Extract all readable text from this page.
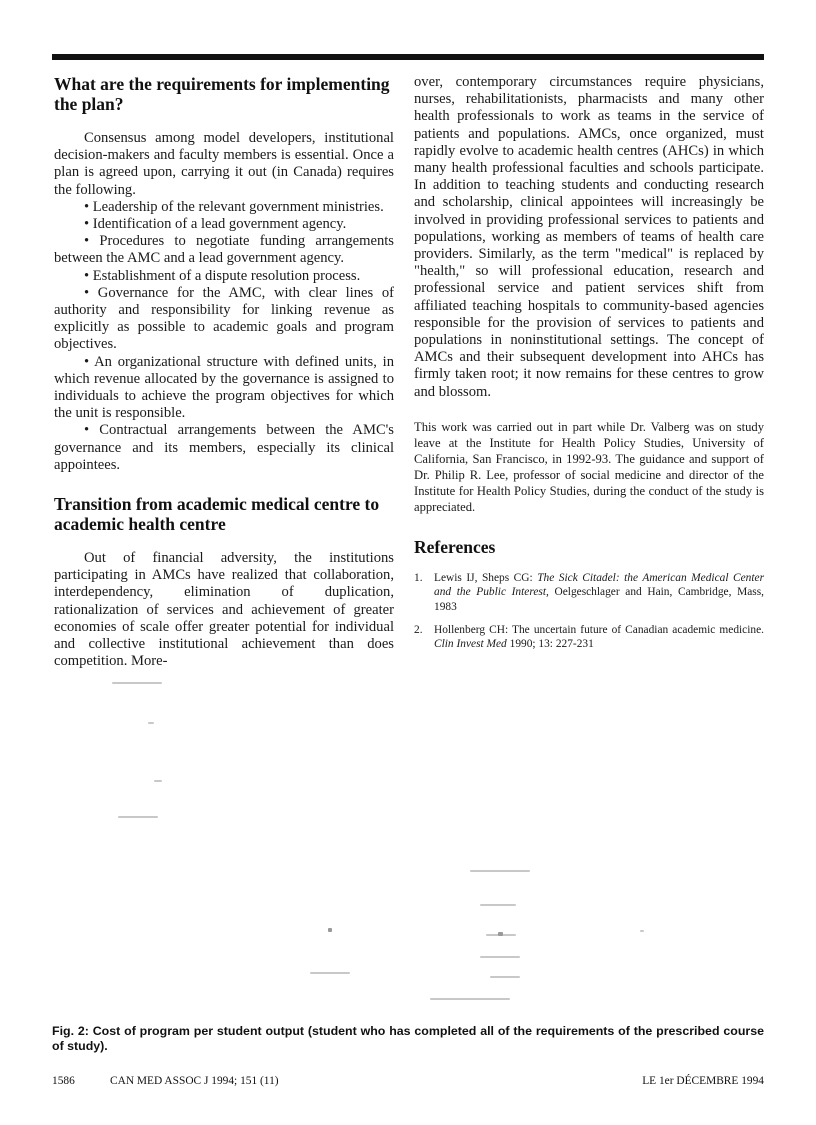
What are the requirements for implementing the plan?

Consensus among model developers, institutional decision-makers and faculty members is essential. Once a plan is agreed upon, carrying it out (in Canada) requires the following.

• Leadership of the relevant government ministries.

• Identification of a lead government agency.

• Procedures to negotiate funding arrangements between the AMC and a lead government agency.

• Establishment of a dispute resolution process.

• Governance for the AMC, with clear lines of authority and responsibility for linking revenue as explicitly as possible to academic goals and program objectives.

• An organizational structure with defined units, in which revenue allocated by the governance is assigned to individuals to achieve the program objectives for which the unit is responsible.

• Contractual arrangements between the AMC's governance and its members, especially its clinical appointees.

Transition from academic medical centre to academic health centre

Out of financial adversity, the institutions participating in AMCs have realized that collaboration, interdependency, elimination of duplication, rationalization of services and achievement of greater economies of scale offer greater potential for individual and collective institutional achievement than does competition. More-

over, contemporary circumstances require physicians, nurses, rehabilitationists, pharmacists and many other health professionals to work as teams in the service of patients and populations. AMCs, once organized, must rapidly evolve to academic health centres (AHCs) in which many health professional faculties and schools participate. In addition to teaching students and conducting research and scholarship, clinical appointees will increasingly be involved in providing professional services to patients and populations, working as members of teams of health care providers. Similarly, as the term "medical" is replaced by "health," so will professional education, research and professional service and patient services shift from affiliated teaching hospitals to community-based agencies responsible for the provision of services to patients and populations in noninstitutional settings. The concept of AMCs and their subsequent development into AHCs has firmly taken root; it now remains for these centres to grow and blossom.

This work was carried out in part while Dr. Valberg was on study leave at the Institute for Health Policy Studies, University of California, San Francisco, in 1992-93. The guidance and support of Dr. Philip R. Lee, professor of social medicine and director of the Institute for Health Policy Studies, during the conduct of the study is appreciated.

References
1. Lewis IJ, Sheps CG: The Sick Citadel: the American Medical Center and the Public Interest, Oelgeschlager and Hain, Cambridge, Mass, 1983
2. Hollenberg CH: The uncertain future of Canadian academic medicine. Clin Invest Med 1990; 13: 227-231

Fig. 2: Cost of program per student output (student who has completed all of the requirements of the prescribed course of study).

1586	CAN MED ASSOC J 1994; 151 (11)	LE 1er DÉCEMBRE 1994
